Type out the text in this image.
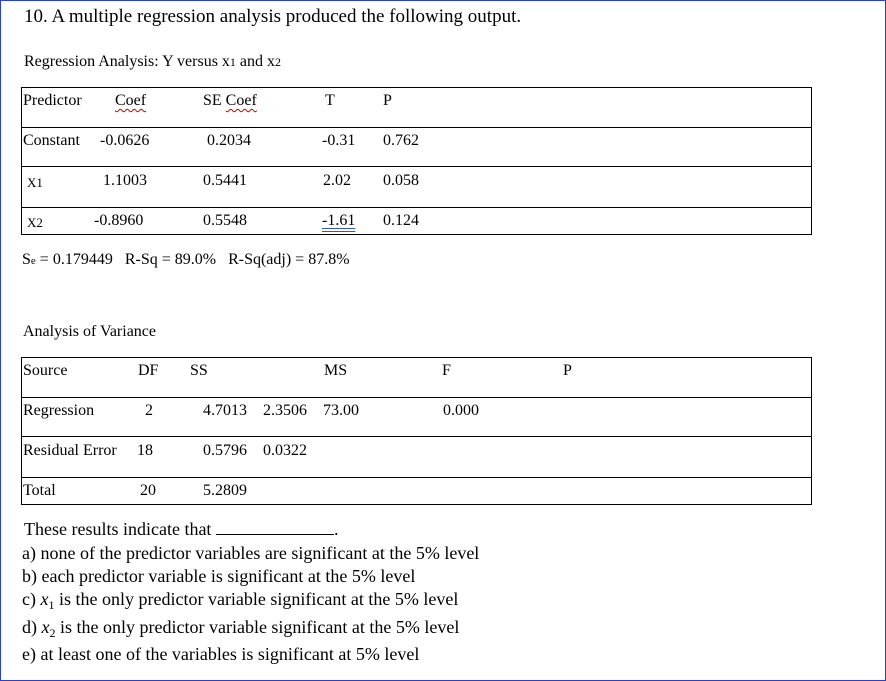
10. A multiple regression analysis produced the following output.
Regression Analysis: Y versus x1 and x2
Predictor Coef	SE Coef	T	P
Constant -0.0626	0.2034	-0.31 0.762
X1	1.1003	0.5441	2.02 0.058
X2	-0.8960	0.5548	-1.61 0.124
Se = 0.179449 R-Sq = 89.0% R-Sq(adj) = 87.8%
Analysis of Variance
Source	DF SS	MS	F	P
Regression	2	4.7013 2.3506 73.00	0.000
Residual Error 18	0.5796 0.0322
Total	20	5.2809
These results indicate that	.
a) none of the predictor variables are significant at the 5% level
b) each predictor variable is significant at the 5% level
c) $x_1$ is the only predictor variable significant at the 5% level
d) $x_2$ is the only predictor variable significant at the 5% level
e) at least one of the variables is significant at 5% level
